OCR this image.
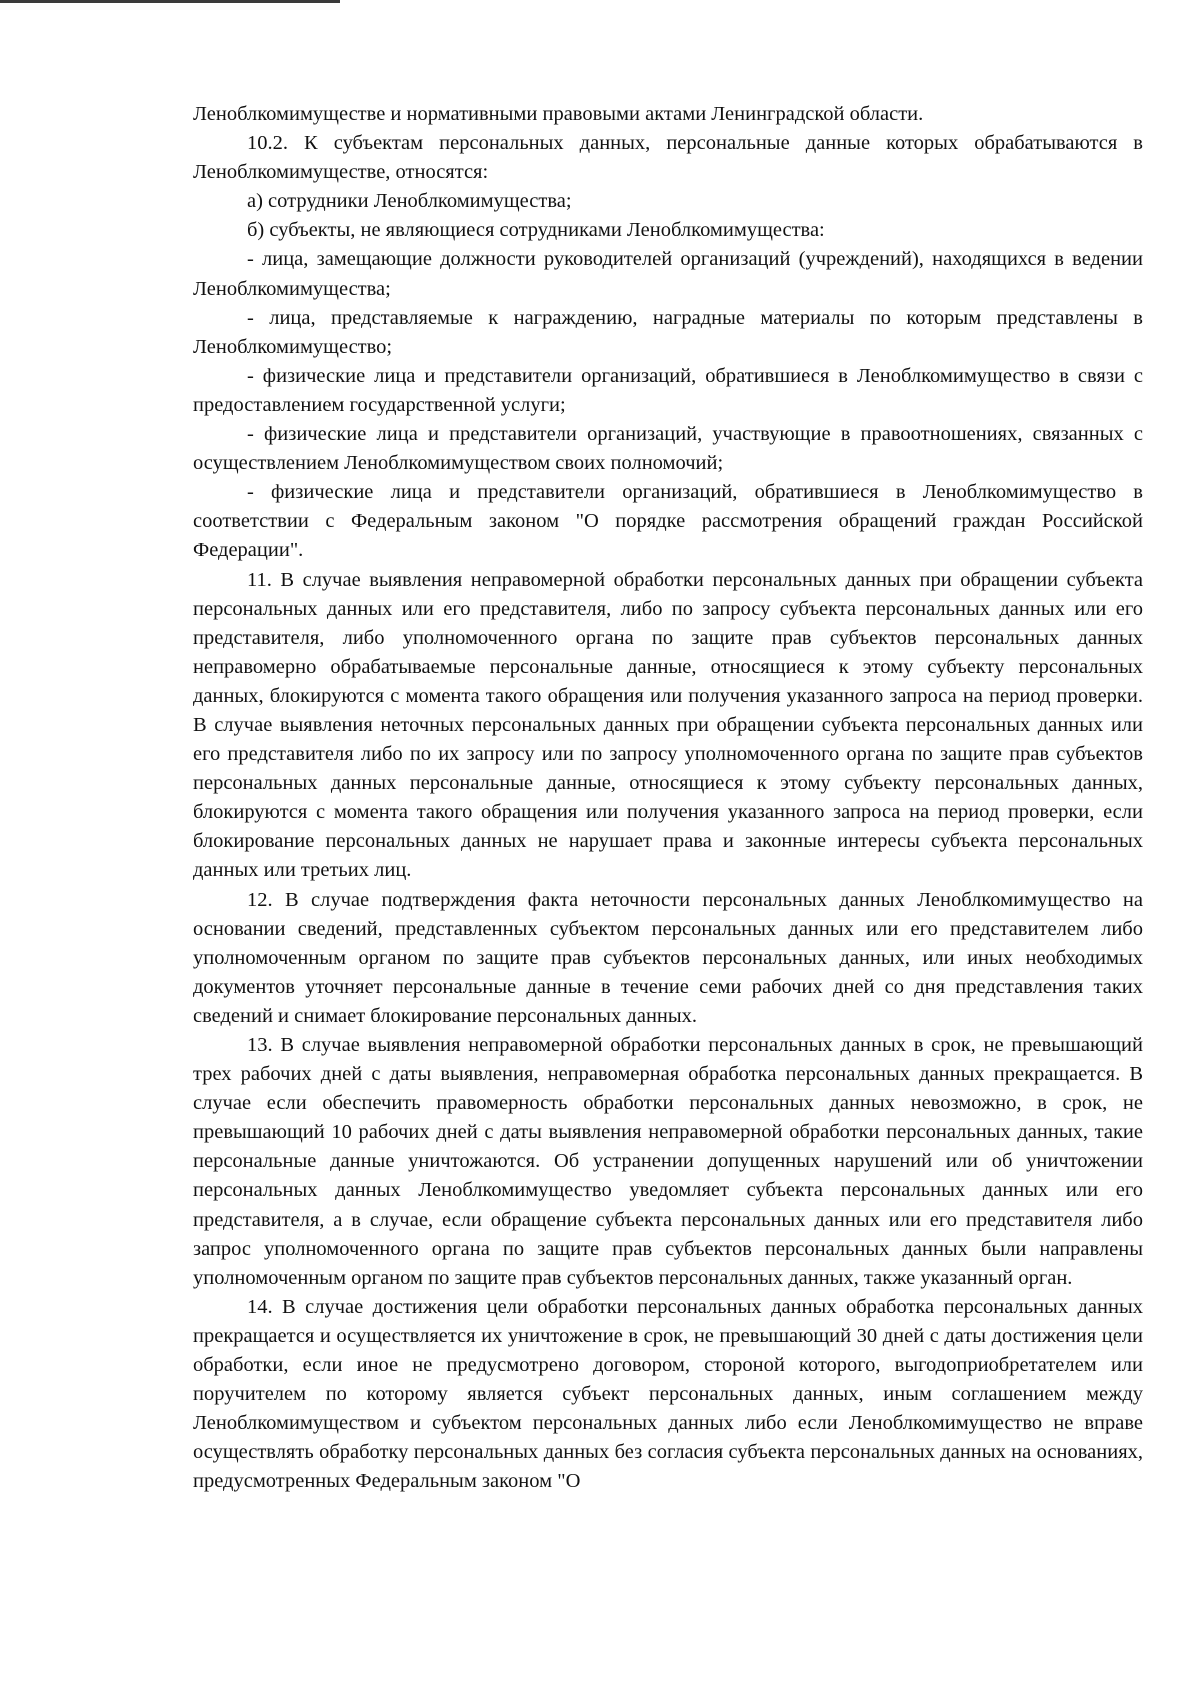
Леноблкомимуществе и нормативными правовыми актами Ленинградской области.

10.2. К субъектам персональных данных, персональные данные которых обрабатываются в Леноблкомимуществе, относятся:

а) сотрудники Леноблкомимущества;

б) субъекты, не являющиеся сотрудниками Леноблкомимущества:

- лица, замещающие должности руководителей организаций (учреждений), находящихся в ведении Леноблкомимущества;

- лица, представляемые к награждению, наградные материалы по которым представлены в Леноблкомимущество;

- физические лица и представители организаций, обратившиеся в Леноблкомимущество в связи с предоставлением государственной услуги;

- физические лица и представители организаций, участвующие в правоотношениях, связанных с осуществлением Леноблкомимуществом своих полномочий;

- физические лица и представители организаций, обратившиеся в Леноблкомимущество в соответствии с Федеральным законом "О порядке рассмотрения обращений граждан Российской Федерации".

11. В случае выявления неправомерной обработки персональных данных при обращении субъекта персональных данных или его представителя, либо по запросу субъекта персональных данных или его представителя, либо уполномоченного органа по защите прав субъектов персональных данных неправомерно обрабатываемые персональные данные, относящиеся к этому субъекту персональных данных, блокируются с момента такого обращения или получения указанного запроса на период проверки. В случае выявления неточных персональных данных при обращении субъекта персональных данных или его представителя либо по их запросу или по запросу уполномоченного органа по защите прав субъектов персональных данных персональные данные, относящиеся к этому субъекту персональных данных, блокируются с момента такого обращения или получения указанного запроса на период проверки, если блокирование персональных данных не нарушает права и законные интересы субъекта персональных данных или третьих лиц.

12. В случае подтверждения факта неточности персональных данных Леноблкомимущество на основании сведений, представленных субъектом персональных данных или его представителем либо уполномоченным органом по защите прав субъектов персональных данных, или иных необходимых документов уточняет персональные данные в течение семи рабочих дней со дня представления таких сведений и снимает блокирование персональных данных.

13. В случае выявления неправомерной обработки персональных данных в срок, не превышающий трех рабочих дней с даты выявления, неправомерная обработка персональных данных прекращается. В случае если обеспечить правомерность обработки персональных данных невозможно, в срок, не превышающий 10 рабочих дней с даты выявления неправомерной обработки персональных данных, такие персональные данные уничтожаются. Об устранении допущенных нарушений или об уничтожении персональных данных Леноблкомимущество уведомляет субъекта персональных данных или его представителя, а в случае, если обращение субъекта персональных данных или его представителя либо запрос уполномоченного органа по защите прав субъектов персональных данных были направлены уполномоченным органом по защите прав субъектов персональных данных, также указанный орган.

14. В случае достижения цели обработки персональных данных обработка персональных данных прекращается и осуществляется их уничтожение в срок, не превышающий 30 дней с даты достижения цели обработки, если иное не предусмотрено договором, стороной которого, выгодоприобретателем или поручителем по которому является субъект персональных данных, иным соглашением между Леноблкомимуществом и субъектом персональных данных либо если Леноблкомимущество не вправе осуществлять обработку персональных данных без согласия субъекта персональных данных на основаниях, предусмотренных Федеральным законом "О
